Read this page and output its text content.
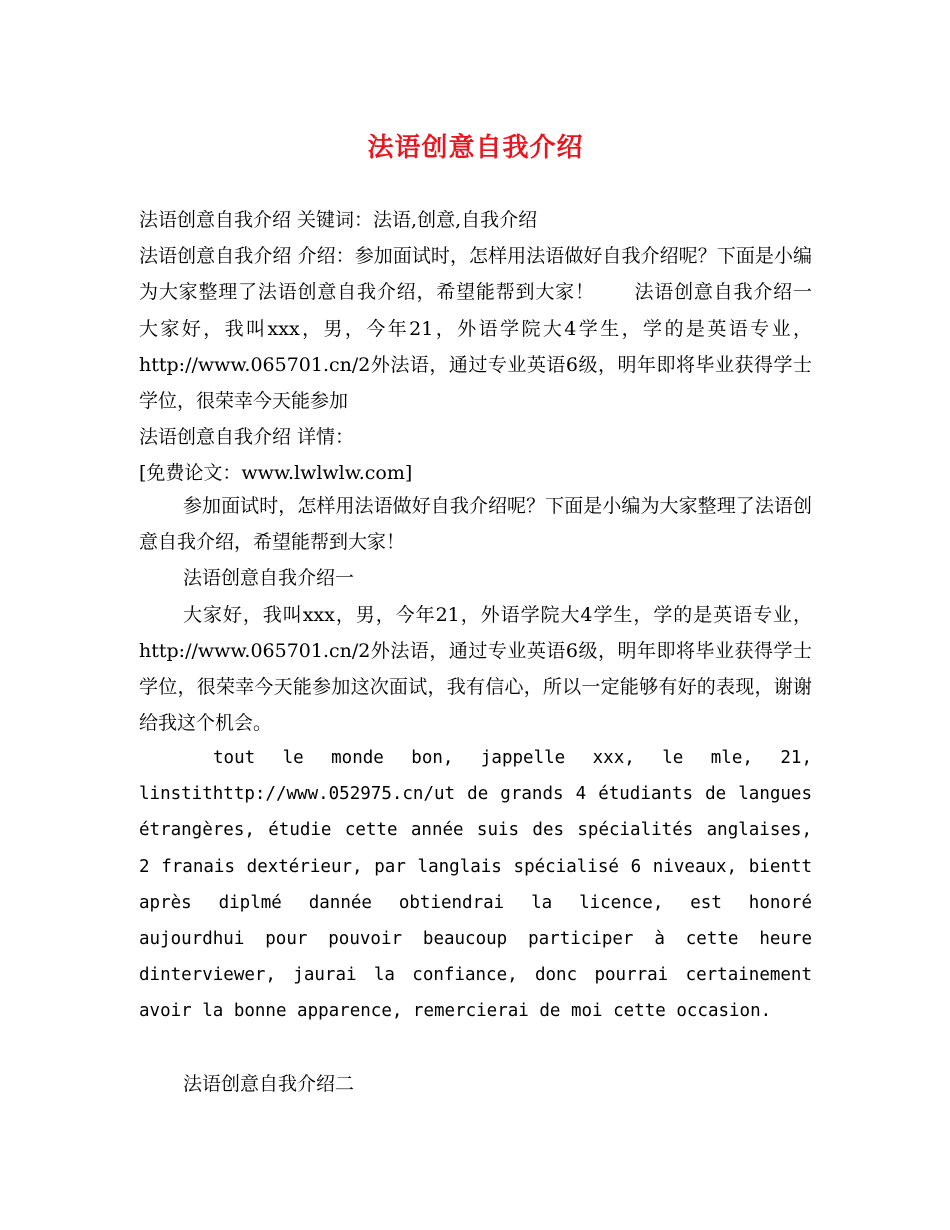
法语创意自我介绍
法语创意自我介绍 关键词：法语,创意,自我介绍

法语创意自我介绍 介绍：参加面试时，怎样用法语做好自我介绍呢？下面是小编为大家整理了法语创意自我介绍，希望能帮到大家！　　法语创意自我介绍一　　大家好，我叫xxx，男，今年21，外语学院大4学生，学的是英语专业，http://www.065701.cn/2外法语，通过专业英语6级，明年即将毕业获得学士学位，很荣幸今天能参加

法语创意自我介绍 详情：
[免费论文：www.lwlwlw.com]

参加面试时，怎样用法语做好自我介绍呢？下面是小编为大家整理了法语创意自我介绍，希望能帮到大家！

法语创意自我介绍一

大家好，我叫xxx，男，今年21，外语学院大4学生，学的是英语专业，http://www.065701.cn/2外法语，通过专业英语6级，明年即将毕业获得学士学位，很荣幸今天能参加这次面试，我有信心，所以一定能够有好的表现，谢谢给我这个机会。

tout le monde bon, jappelle xxx, le mle, 21, linstithttp://www.052975.cn/ut de grands 4 étudiants de langues étrangères, étudie cette année suis des spécialités anglaises, 2 franais dextérieur, par langlais spécialisé 6 niveaux, bientt après diplmé dannée obtiendrai la licence, est honoré aujourdhui pour pouvoir beaucoup participer à cette heure dinterviewer, jaurai la confiance, donc pourrai certainement avoir la bonne apparence, remercierai de moi cette occasion.
法语创意自我介绍二
